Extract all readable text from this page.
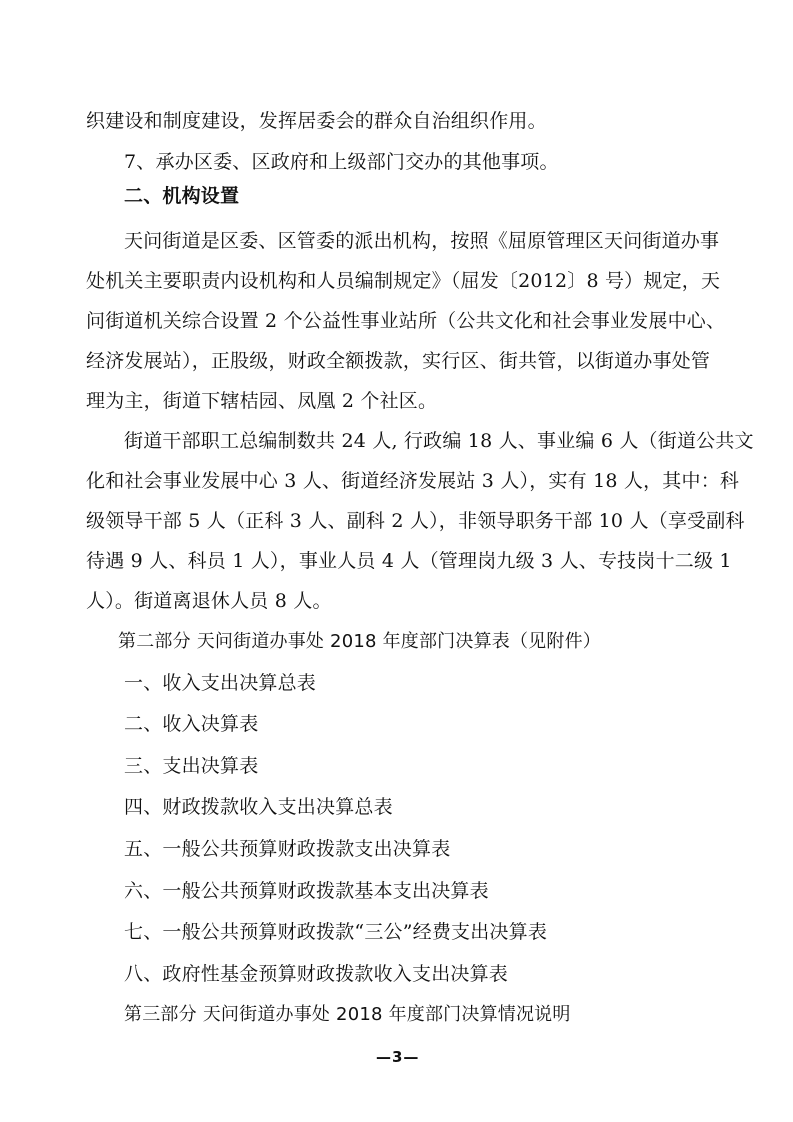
织建设和制度建设，发挥居委会的群众自治组织作用。
7、承办区委、区政府和上级部门交办的其他事项。
二、机构设置
天问街道是区委、区管委的派出机构，按照《屈原管理区天问街道办事
处机关主要职责内设机构和人员编制规定》（屈发〔2012〕8 号）规定，天
问街道机关综合设置 2 个公益性事业站所（公共文化和社会事业发展中心、
经济发展站），正股级，财政全额拨款，实行区、街共管，以街道办事处管
理为主，街道下辖桔园、凤凰 2 个社区。
街道干部职工总编制数共 24 人, 行政编 18 人、事业编 6 人（街道公共文
化和社会事业发展中心 3 人、街道经济发展站 3 人），实有 18 人，其中：科
级领导干部 5 人（正科 3 人、副科 2 人），非领导职务干部 10 人（享受副科
待遇 9 人、科员 1 人），事业人员 4 人（管理岗九级 3 人、专技岗十二级 1
人）。街道离退休人员 8 人。
第二部分 天问街道办事处 2018 年度部门决算表（见附件）
一、收入支出决算总表
二、收入决算表
三、支出决算表
四、财政拨款收入支出决算总表
五、一般公共预算财政拨款支出决算表
六、一般公共预算财政拨款基本支出决算表
七、一般公共预算财政拨款“三公”经费支出决算表
八、政府性基金预算财政拨款收入支出决算表
第三部分 天问街道办事处 2018 年度部门决算情况说明
—3—
